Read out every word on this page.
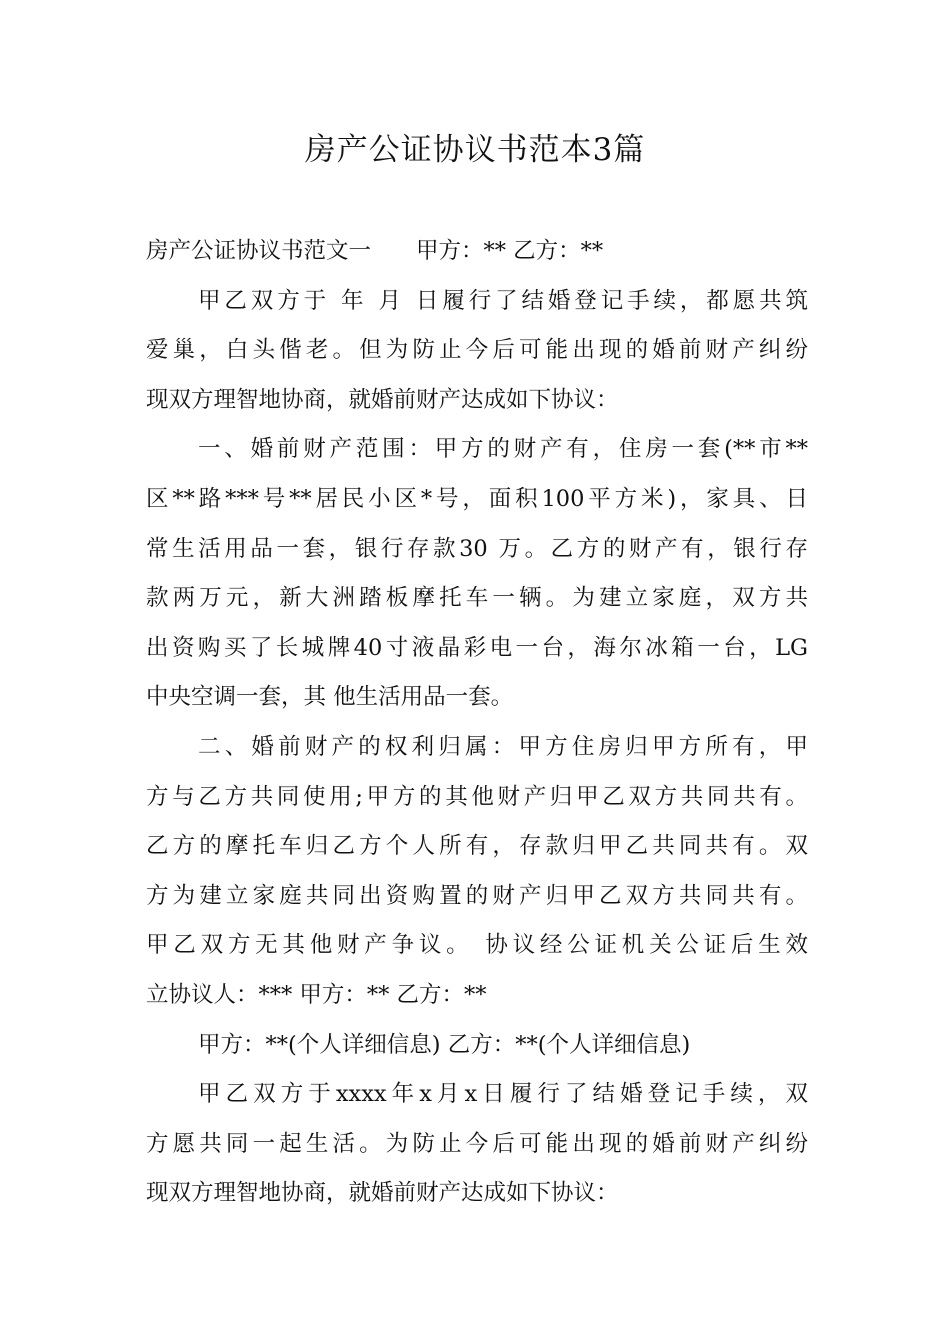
房产公证协议书范本3篇
房产公证协议书范文一　　甲方：** 乙方：**
甲乙双方于 年 月 日履行了结婚登记手续，都愿共筑
爱巢，白头偕老。但为防止今后可能出现的婚前财产纠纷
现双方理智地协商，就婚前财产达成如下协议：
一、婚前财产范围：甲方的财产有，住房一套(**市**
区**路***号**居民小区*号，面积100平方米)，家具、日
常生活用品一套，银行存款30 万。乙方的财产有，银行存
款两万元，新大洲踏板摩托车一辆。为建立家庭，双方共
出资购买了长城牌40寸液晶彩电一台，海尔冰箱一台，LG
中央空调一套，其 他生活用品一套。
二、婚前财产的权利归属：甲方住房归甲方所有，甲
方与乙方共同使用;甲方的其他财产归甲乙双方共同共有。
乙方的摩托车归乙方个人所有，存款归甲乙共同共有。双
方为建立家庭共同出资购置的财产归甲乙双方共同共有。
甲乙双方无其他财产争议。 协议经公证机关公证后生效
立协议人：*** 甲方：** 乙方：**
甲方：**(个人详细信息) 乙方：**(个人详细信息)
甲乙双方于xxxx年x月x日履行了结婚登记手续，双
方愿共同一起生活。为防止今后可能出现的婚前财产纠纷
现双方理智地协商，就婚前财产达成如下协议：
